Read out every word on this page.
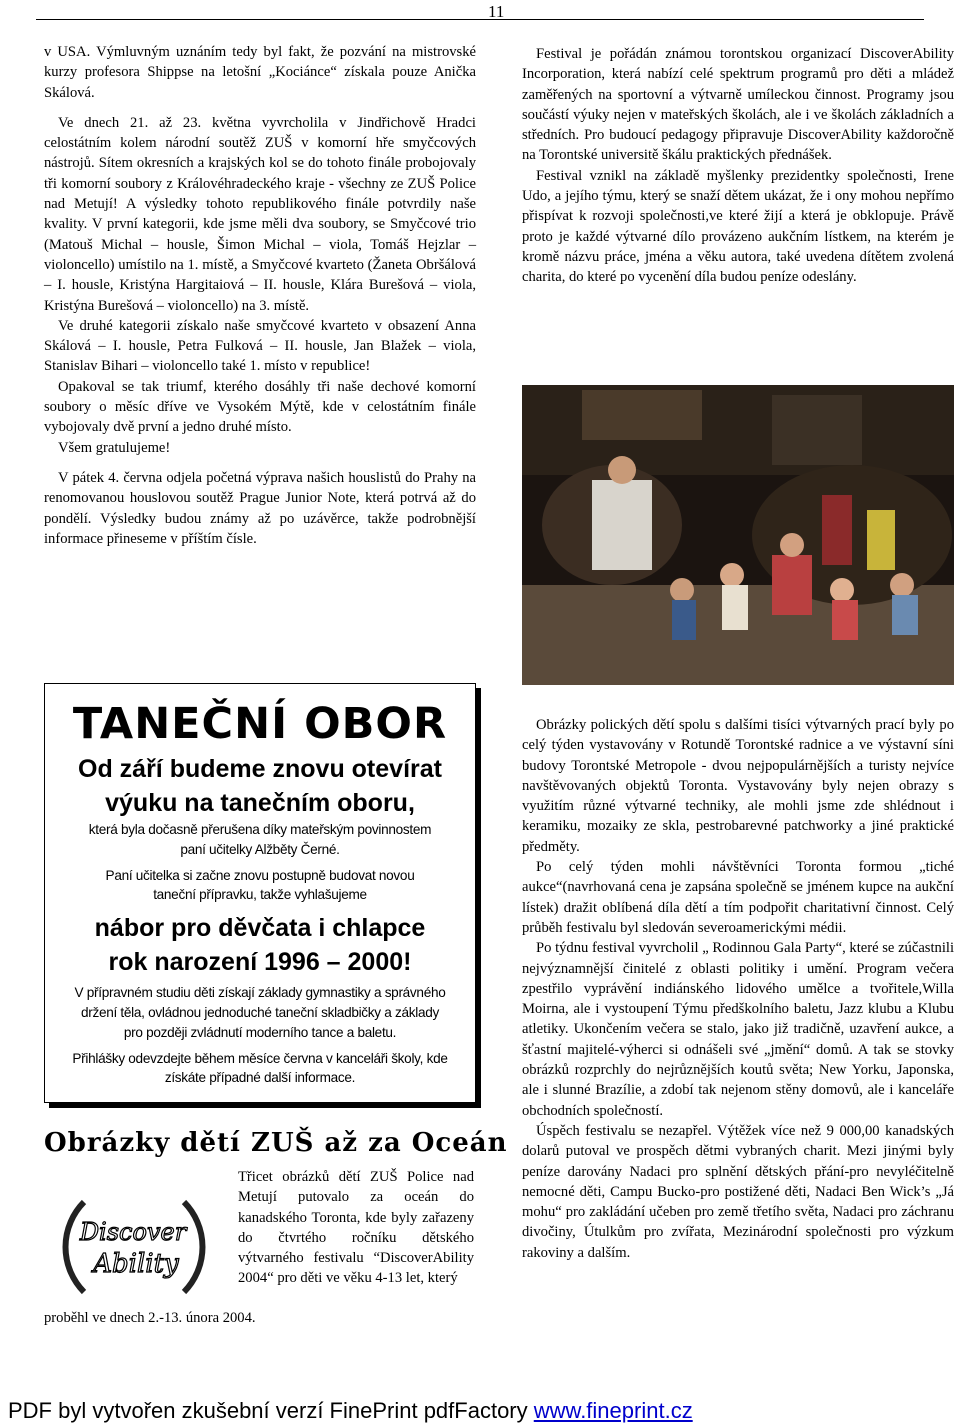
11

v USA. Výmluvným uznáním tedy byl fakt, že pozvání na mistrovské kurzy profesora Shippse na letošní „Kociánce“ získala pouze Anička Skálová.

Ve dnech 21. až 23. května vyvrcholila v Jindřichově Hradci celostátním kolem národní soutěž ZUŠ v komorní hře smyčcových nástrojů. Sítem okresních a krajských kol se do tohoto finále probojovaly tři komorní soubory z Královéhradeckého kraje - všechny ze ZUŠ Police nad Metují! A výsledky tohoto republikového finále potvrdily naše kvality. V první kategorii, kde jsme měli dva soubory, se Smyčcové trio (Matouš Michal – housle, Šimon Michal – viola, Tomáš Hejzlar – violoncello) umístilo na 1. místě, a Smyčcové kvarteto (Žaneta Obršálová – I. housle, Kristýna Hargitaiová – II. housle, Klára Burešová – viola, Kristýna Burešová – violoncello) na 3. místě.

Ve druhé kategorii získalo naše smyčcové kvarteto v obsazení Anna Skálová – I. housle, Petra Fulková – II. housle, Jan Blažek – viola, Stanislav Bihari – violoncello také 1. místo v republice!

Opakoval se tak triumf, kterého dosáhly tři naše dechové komorní soubory o měsíc dříve ve Vysokém Mýtě, kde v celostátním finále vybojovaly dvě první a jedno druhé místo.

Všem gratulujeme!

V pátek 4. června odjela početná výprava našich houslistů do Prahy na renomovanou houslovou soutěž Prague Junior Note, která potrvá až do pondělí. Výsledky budou známy až po uzávěrce, takže podrobnější informace přineseme v příštím čísle.

Festival je pořádán známou torontskou organizací DiscoverAbility Incorporation, která nabízí celé spektrum programů pro děti a mládež zaměřených na sportovní a výtvarně umíleckou činnost. Programy jsou součástí výuky nejen v mateřských školách, ale i ve školách základních a středních. Pro budoucí pedagogy připravuje DiscoverAbility každoročně na Torontské universitě škálu praktických přednášek.

Festival vznikl na základě myšlenky prezidentky společnosti, Irene Udo, a jejího týmu, který se snaží dětem ukázat, že i ony mohou nepřímo přispívat k rozvoji společnosti,ve které žijí a která je obklopuje. Právě proto je každé výtvarné dílo provázeno aukčním lístkem, na kterém je kromě názvu práce, jména a věku autora, také uvedena dítětem zvolená charita, do které po vycenění díla budou peníze odeslány.

Obrázky polických dětí spolu s dalšími tisíci výtvarných prací byly po celý týden vystavovány v Rotundě Torontské radnice a ve výstavní síni budovy Torontské Metropole - dvou nejpopulárnějších a turisty nejvíce navštěvovaných objektů Toronta. Vystavovány byly nejen obrazy s využitím různé výtvarné techniky, ale mohli jsme zde shlédnout i keramiku, mozaiky ze skla, pestrobarevné patchworky a jiné praktické předměty.

Po celý týden mohli návštěvníci Toronta formou „tiché aukce“(navrhovaná cena je zapsána společně se jménem kupce na aukční lístek) dražit oblíbená díla dětí a tím podpořit charitativní činnost. Celý průběh festivalu byl sledován severoamerickými médii.

Po týdnu festival vyvrcholil „ Rodinnou Gala Party“, které se zúčastnili nejvýznamnější činitelé z oblasti politiky i umění. Program večera zpestřilo vyprávění indiánského lidového umělce a tvořitele,Willa Moirna, ale i vystoupení Týmu předškolního baletu, Jazz klubu a Klubu atletiky. Ukončením večera se stalo, jako již tradičně, uzavření aukce, a šťastní majitelé-výherci si odnášeli své „jmění“ domů. A tak se stovky obrázků rozprchly do nejrůznějších koutů světa; New Yorku, Japonska, ale i slunné Brazílie, a zdobí tak nejenom stěny domovů, ale i kanceláře obchodních společností.

Úspěch festivalu se nezapřel. Výtěžek více než 9 000,00 kanadských dolarů putoval ve prospěch dětmi vybraných charit. Mezi jinými byly peníze darovány Nadaci pro splnění dětských přání-pro nevyléčitelně nemocné děti, Campu Bucko-pro postižené děti, Nadaci Ben Wick’s „Já mohu“ pro zakládání učeben pro země třetího světa, Nadaci pro záchranu divočiny, Útulkům pro zvířata, Mezinárodní společnosti pro výzkum rakoviny a dalším.

TANEČNÍ OBOR
Od září budeme znovu otevírat
výuku na tanečním oboru,
která byla dočasně přerušena díky mateřským povinnostem paní učitelky Alžběty Černé.
Paní učitelka si začne znovu postupně budovat novou taneční přípravku, takže vyhlašujeme
nábor pro děvčata i chlapce
rok narození 1996 – 2000!
V přípravném studiu děti získají základy gymnastiky a správného držení těla, ovládnou jednoduché taneční skladbičky a základy pro později zvládnutí moderního tance a baletu.
Přihlášky odevzdejte během měsíce června v kanceláři školy, kde získáte případné další informace.
Obrázky dětí ZUŠ až za Oceán
Discover
Ability
Třicet obrázků dětí ZUŠ Police nad Metují putovalo za oceán do kanadského Toronta, kde byly zařazeny do čtvrtého ročníku dětského výtvarného festivalu “DiscoverAbility 2004“ pro děti ve věku 4-13 let, který
proběhl ve dnech 2.-13. února 2004.
PDF byl vytvořen zkušební verzí FinePrint pdfFactory www.fineprint.cz
